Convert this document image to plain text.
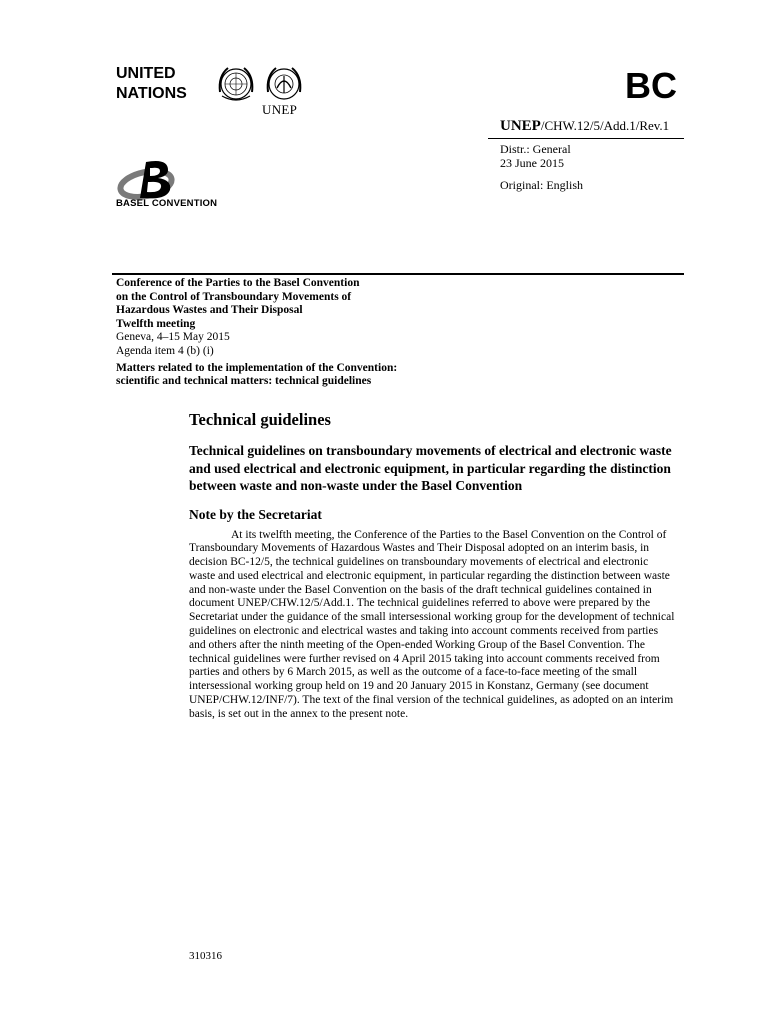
UNITED
NATIONS
UNEP
BC
UNEP/CHW.12/5/Add.1/Rev.1
Distr.: General
23 June 2015
Original: English
BASEL CONVENTION
Conference of the Parties to the Basel Convention
on the Control of Transboundary Movements of
Hazardous Wastes and Their Disposal
Twelfth meeting
Geneva, 4–15 May 2015
Agenda item 4 (b) (i)
Matters related to the implementation of the Convention:
scientific and technical matters: technical guidelines
Technical guidelines
Technical guidelines on transboundary movements of electrical and electronic waste and used electrical and electronic equipment, in particular regarding the distinction between waste and non-waste under the Basel Convention
Note by the Secretariat

At its twelfth meeting, the Conference of the Parties to the Basel Convention on the Control of Transboundary Movements of Hazardous Wastes and Their Disposal adopted on an interim basis, in decision BC-12/5, the technical guidelines on transboundary movements of electrical and electronic waste and used electrical and electronic equipment, in particular regarding the distinction between waste and non-waste under the Basel Convention on the basis of the draft technical guidelines contained in document UNEP/CHW.12/5/Add.1. The technical guidelines referred to above were prepared by the Secretariat under the guidance of the small intersessional working group for the development of technical guidelines on electronic and electrical wastes and taking into account comments received from parties and others after the ninth meeting of the Open-ended Working Group of the Basel Convention. The technical guidelines were further revised on 4 April 2015 taking into account comments received from parties and others by 6 March 2015, as well as the outcome of a face-to-face meeting of the small intersessional working group held on 19 and 20 January 2015 in Konstanz, Germany (see document UNEP/CHW.12/INF/7). The text of the final version of the technical guidelines, as adopted on an interim basis, is set out in the annex to the present note.

310316
